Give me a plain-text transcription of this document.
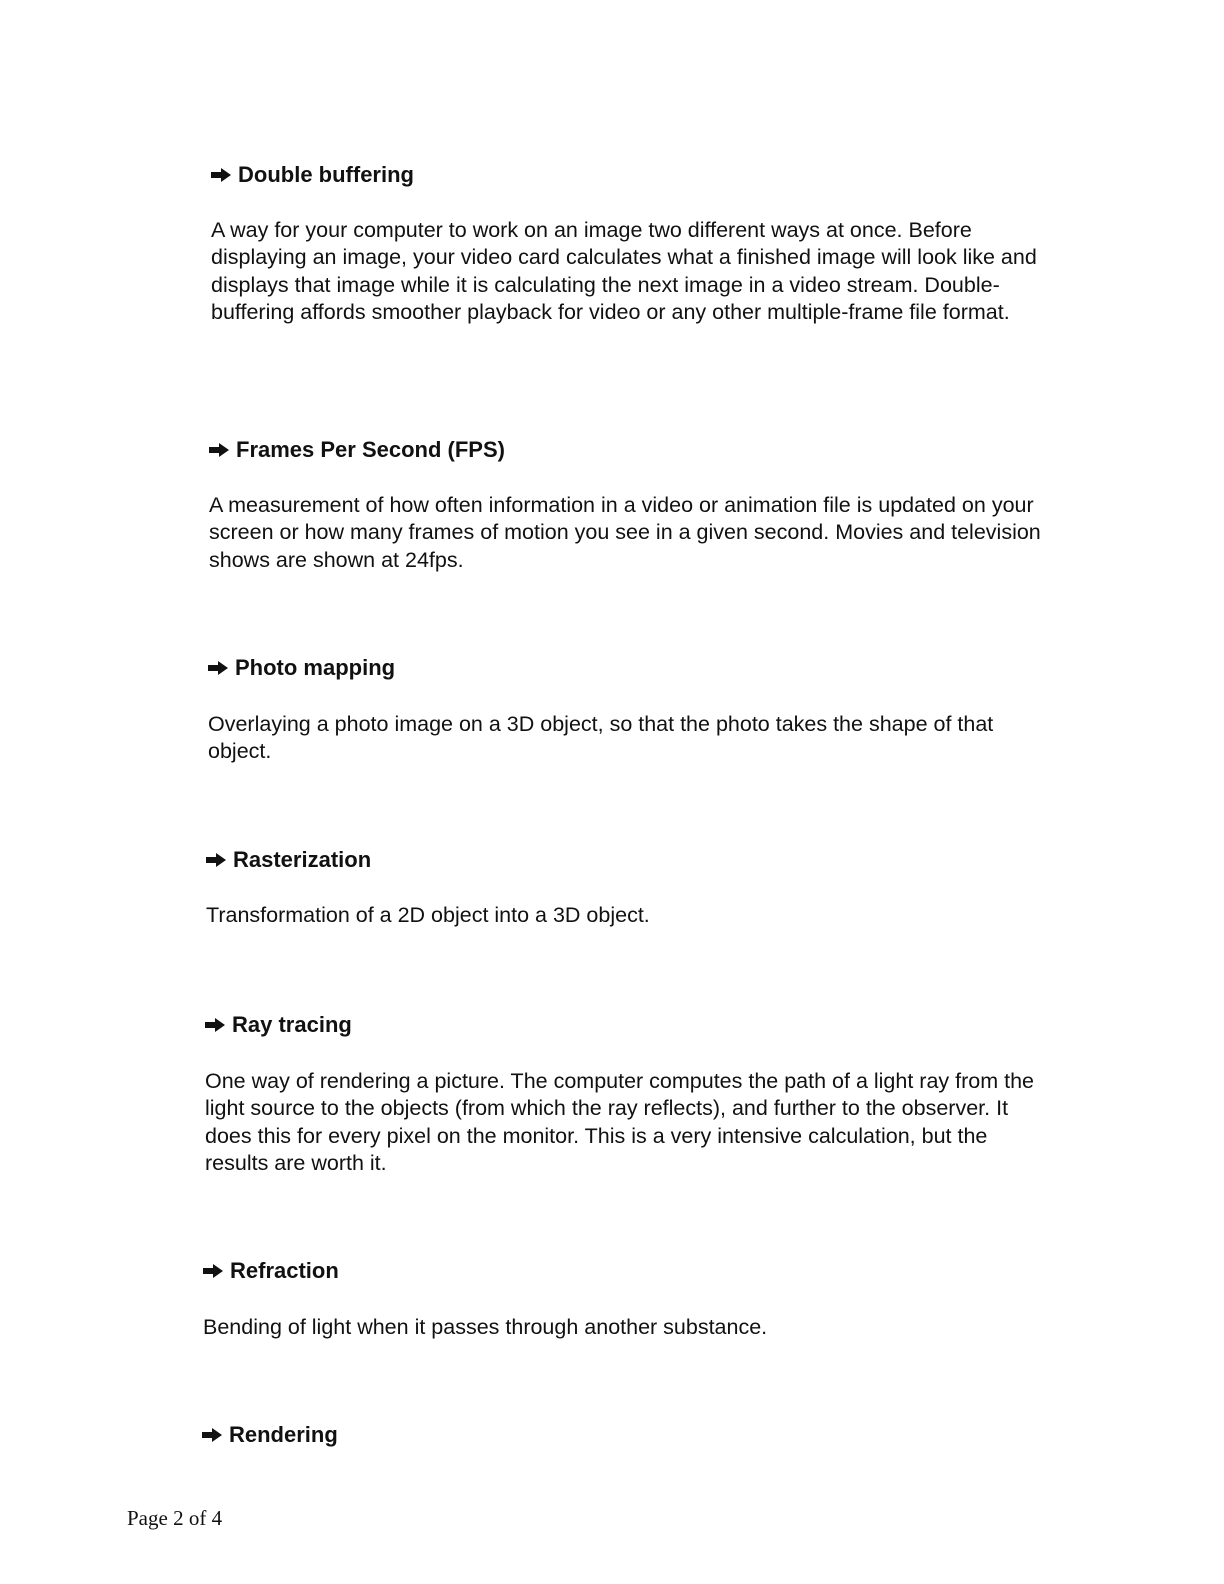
Double buffering

A way for your computer to work on an image two different ways at once. Before displaying an image, your video card calculates what a finished image will look like and displays that image while it is calculating the next image in a video stream. Double-buffering affords smoother playback for video or any other multiple-frame file format.

Frames Per Second (FPS)

A measurement of how often information in a video or animation file is updated on your screen or how many frames of motion you see in a given second. Movies and television shows are shown at 24fps.

Photo mapping

Overlaying a photo image on a 3D object, so that the photo takes the shape of that object.

Rasterization

Transformation of a 2D object into a 3D object.

Ray tracing

One way of rendering a picture. The computer computes the path of a light ray from the light source to the objects (from which the ray reflects), and further to the observer. It does this for every pixel on the monitor. This is a very intensive calculation, but the results are worth it.

Refraction

Bending of light when it passes through another substance.

Rendering
Page 2 of 4
